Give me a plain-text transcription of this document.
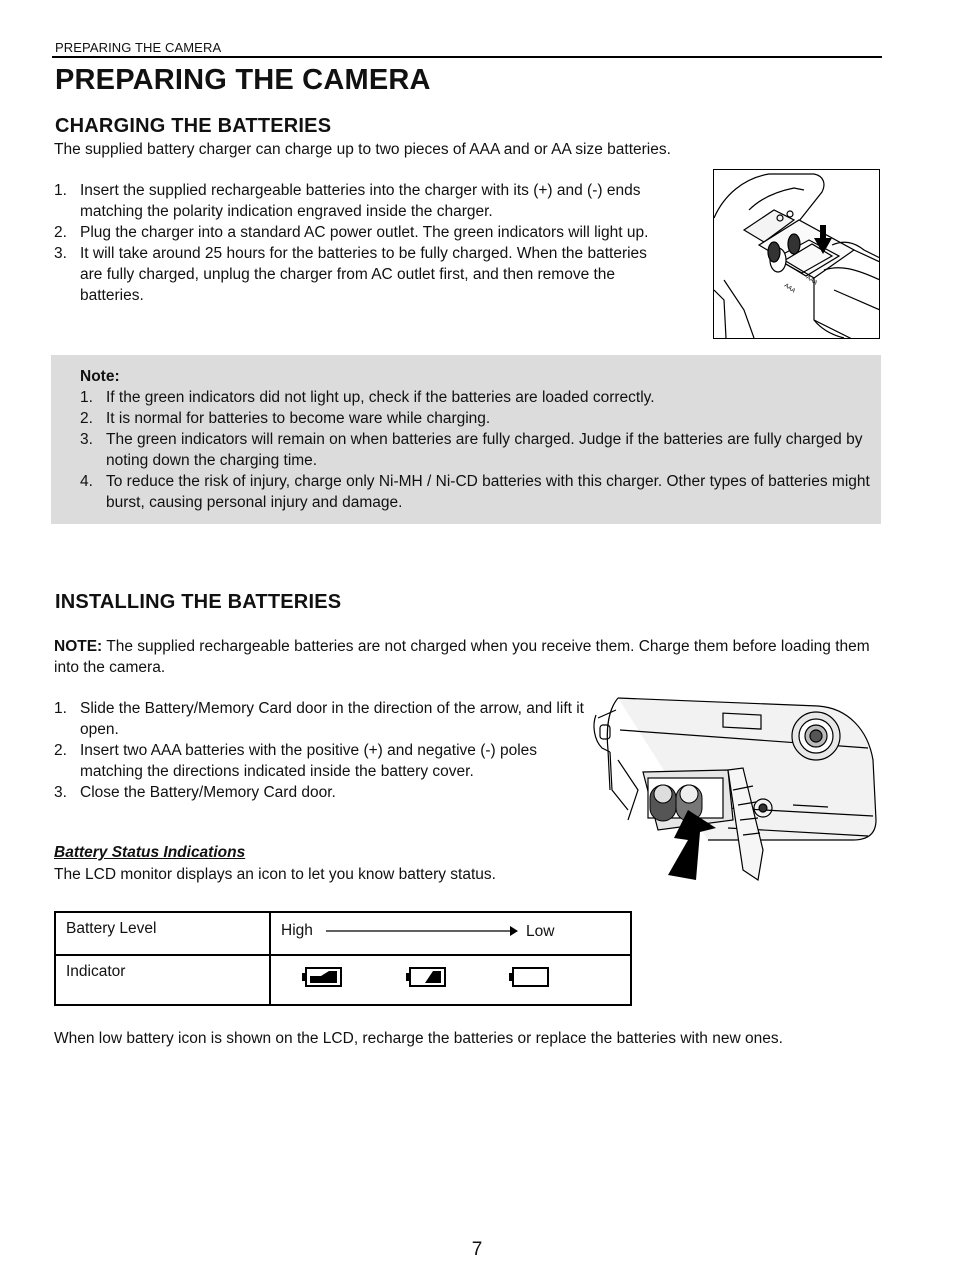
PREPARING THE CAMERA
PREPARING THE CAMERA
CHARGING THE BATTERIES
The supplied battery charger can charge up to two pieces of AAA and or AA size batteries.
1. Insert the supplied rechargeable batteries into the charger with its (+) and (-) ends matching the polarity indication engraved inside the charger.
2. Plug the charger into a standard AC power outlet. The green indicators will light up.
3. It will take around 25 hours for the batteries to be fully charged. When the batteries are fully charged, unplug the charger from AC outlet first, and then remove the batteries.
AAA
AAA
Note:
1. If the green indicators did not light up, check if the batteries are loaded correctly.
2. It is normal for batteries to become ware while charging.
3. The green indicators will remain on when batteries are fully charged. Judge if the batteries are fully charged by noting down the charging time.
4. To reduce the risk of injury, charge only Ni-MH / Ni-CD batteries with this charger. Other types of batteries might burst, causing personal injury and damage.
INSTALLING THE BATTERIES
NOTE: The supplied rechargeable batteries are not charged when you receive them. Charge them before loading them into the camera.
1. Slide the Battery/Memory Card door in the direction of the arrow, and lift it open.
2. Insert two AAA batteries with the positive (+) and negative (-) poles matching the directions indicated inside the battery cover.
3. Close the Battery/Memory Card door.
Battery Status Indications
The LCD monitor displays an icon to let you know battery status.
Battery Level	High Low

Indicator	
When low battery icon is shown on the LCD, recharge the batteries or replace the batteries with new ones.
7
